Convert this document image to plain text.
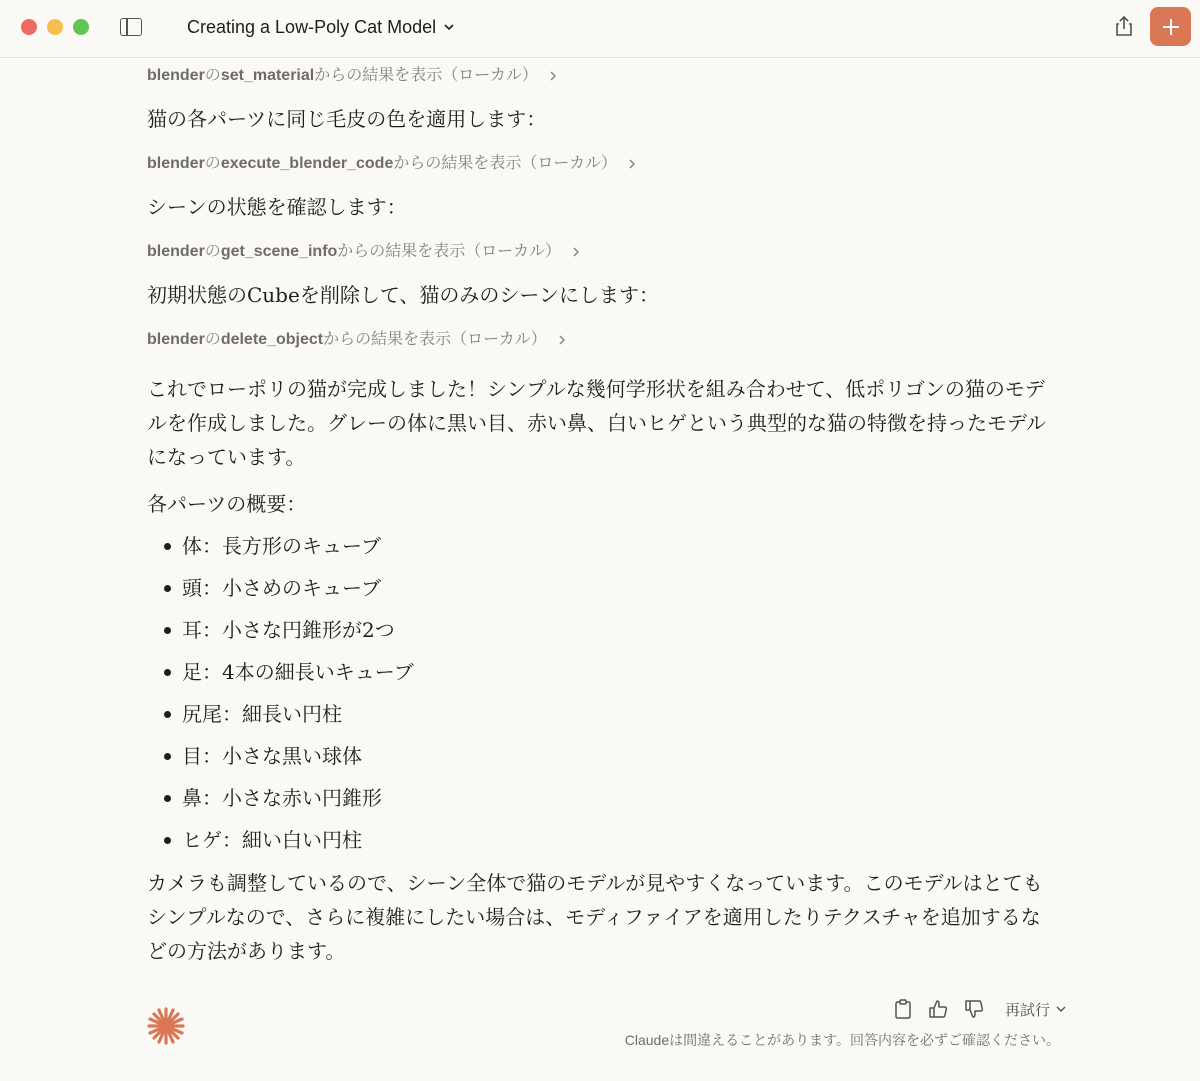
Creating a Low-Poly Cat Model
blender の set_material からの結果を表示（ローカル）

猫の各パーツに同じ毛皮の色を適用します：

blender の execute_blender_code からの結果を表示（ローカル）

シーンの状態を確認します：

blender の get_scene_info からの結果を表示（ローカル）

初期状態のCubeを削除して、猫のみのシーンにします：

blender の delete_object からの結果を表示（ローカル）

これでローポリの猫が完成しました！シンプルな幾何学形状を組み合わせて、低ポリゴンの猫のモデルを作成しました。グレーの体に黒い目、赤い鼻、白いヒゲという典型的な猫の特徴を持ったモデルになっています。

各パーツの概要：

体：長方形のキューブ
頭：小さめのキューブ
耳：小さな円錐形が2つ
足：4本の細長いキューブ
尻尾：細長い円柱
目：小さな黒い球体
鼻：小さな赤い円錐形
ヒゲ：細い白い円柱

カメラも調整しているので、シーン全体で猫のモデルが見やすくなっています。このモデルはとてもシンプルなので、さらに複雑にしたい場合は、モディファイアを適用したりテクスチャを追加するなどの方法があります。

再試行
Claudeは間違えることがあります。回答内容を必ずご確認ください。
